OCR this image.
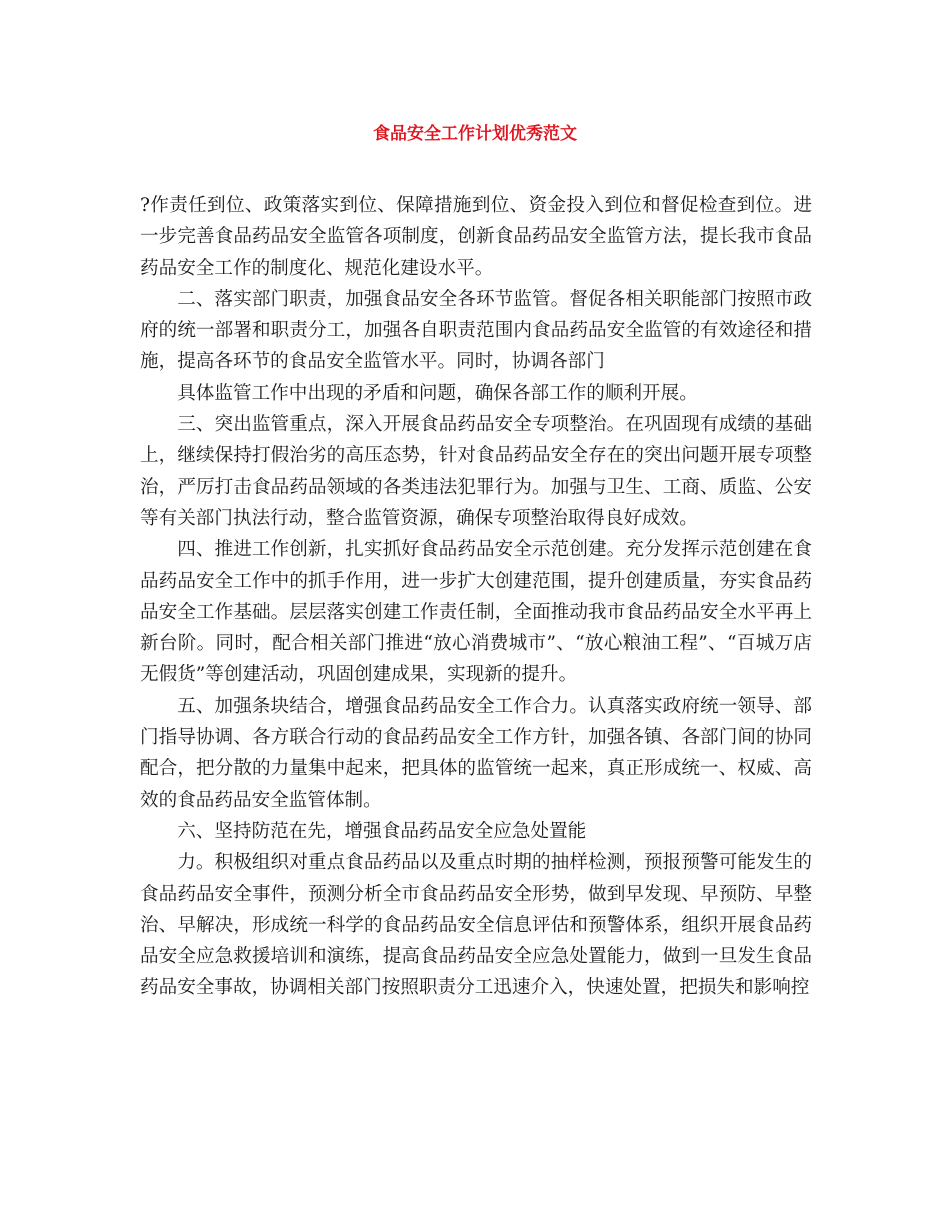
食品安全工作计划优秀范文

?作责任到位、政策落实到位、保障措施到位、资金投入到位和督促检查到位。进一步完善食品药品安全监管各项制度，创新食品药品安全监管方法，提长我市食品药品安全工作的制度化、规范化建设水平。

二、落实部门职责，加强食品安全各环节监管。督促各相关职能部门按照市政府的统一部署和职责分工，加强各自职责范围内食品药品安全监管的有效途径和措施，提高各环节的食品安全监管水平。同时，协调各部门

具体监管工作中出现的矛盾和问题，确保各部工作的顺利开展。

三、突出监管重点，深入开展食品药品安全专项整治。在巩固现有成绩的基础上，继续保持打假治劣的高压态势，针对食品药品安全存在的突出问题开展专项整治，严厉打击食品药品领域的各类违法犯罪行为。加强与卫生、工商、质监、公安等有关部门执法行动，整合监管资源，确保专项整治取得良好成效。

四、推进工作创新，扎实抓好食品药品安全示范创建。充分发挥示范创建在食品药品安全工作中的抓手作用，进一步扩大创建范围，提升创建质量，夯实食品药品安全工作基础。层层落实创建工作责任制，全面推动我市食品药品安全水平再上新台阶。同时，配合相关部门推进“放心消费城市”、“放心粮油工程”、“百城万店无假货”等创建活动，巩固创建成果，实现新的提升。

五、加强条块结合，增强食品药品安全工作合力。认真落实政府统一领导、部门指导协调、各方联合行动的食品药品安全工作方针，加强各镇、各部门间的协同配合，把分散的力量集中起来，把具体的监管统一起来，真正形成统一、权威、高效的食品药品安全监管体制。

六、坚持防范在先，增强食品药品安全应急处置能

力。积极组织对重点食品药品以及重点时期的抽样检测，预报预警可能发生的食品药品安全事件，预测分析全市食品药品安全形势，做到早发现、早预防、早整治、早解决，形成统一科学的食品药品安全信息评估和预警体系，组织开展食品药品安全应急救援培训和演练，提高食品药品安全应急处置能力，做到一旦发生食品药品安全事故，协调相关部门按照职责分工迅速介入，快速处置，把损失和影响控
